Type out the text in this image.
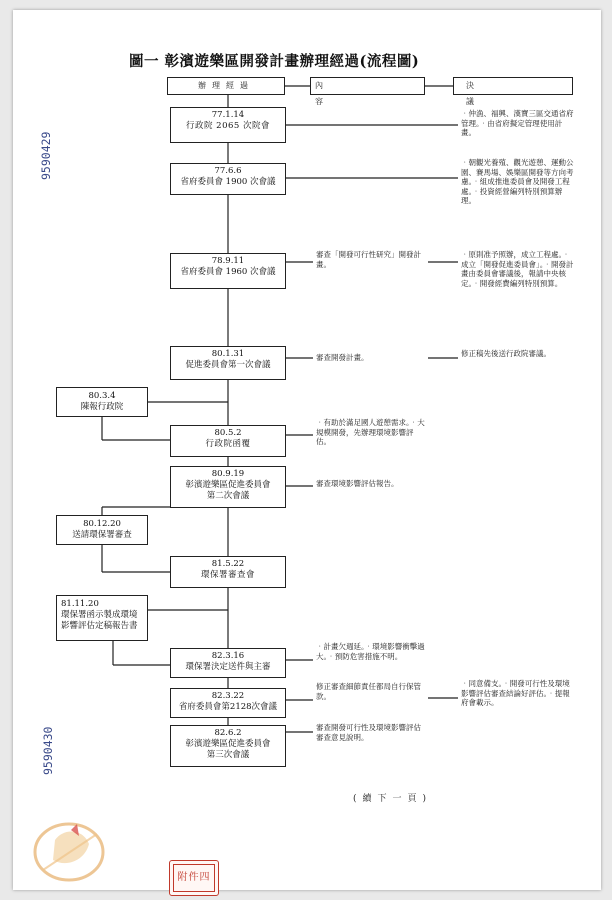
圖一 彰濱遊樂區開發計畫辦理經過(流程圖)
9590429
9590430
辦理經過	內容
決議
77.1.14
行政院 2065 次院會
77.6.6
省府委員會 1900 次會議
78.9.11
省府委員會 1960 次會議
80.1.31
促進委員會第一次會議
80.5.2
行政院函覆
80.9.19
彰濱遊樂區促進委員會
第二次會議
81.5.22
環保署審查會
82.3.16
環保署決定送件與主審
82.3.22
省府委員會第2128次會議
82.6.2
彰濱遊樂區促進委員會
第三次會議
80.3.4
陳報行政院
80.12.20
送請環保署審查
81.11.20
環保署函示製成環境影響評估定稿報告書
審查「開發可行性研究」開發計畫。
審查開發計畫。
‧有助於滿足國人遊憩需求。‧大規模開發，先辦理環境影響評估。
審查環境影響評估報告。
‧計畫欠週延。‧環境影響衝擊過大。‧預防危害措施不明。
修正審查細節責任都局自行保管款。
審查開發可行性及環境影響評估審查意見說明。
‧仲漁、福興、漢寶三區交通省府管理。‧由省府擬定管理使用計畫。
‧朝觀光養殖、觀光遊憩、運動公園、賽馬場、娛樂區開發等方向考慮。‧組成推進委員會及開發工程處。‧投資經營編列特別預算辦理。
‧原則准予照辦，成立工程處。‧成立「開發促進委員會」。‧開發計畫由委員會審議後，報請中央核定。‧開發經費編列特別預算。
修正稿先後送行政院審議。
‧同意備支。‧開發可行性及環境影響評估審查結論好評估。‧提報府會載示。
(續下一頁)
附件四
